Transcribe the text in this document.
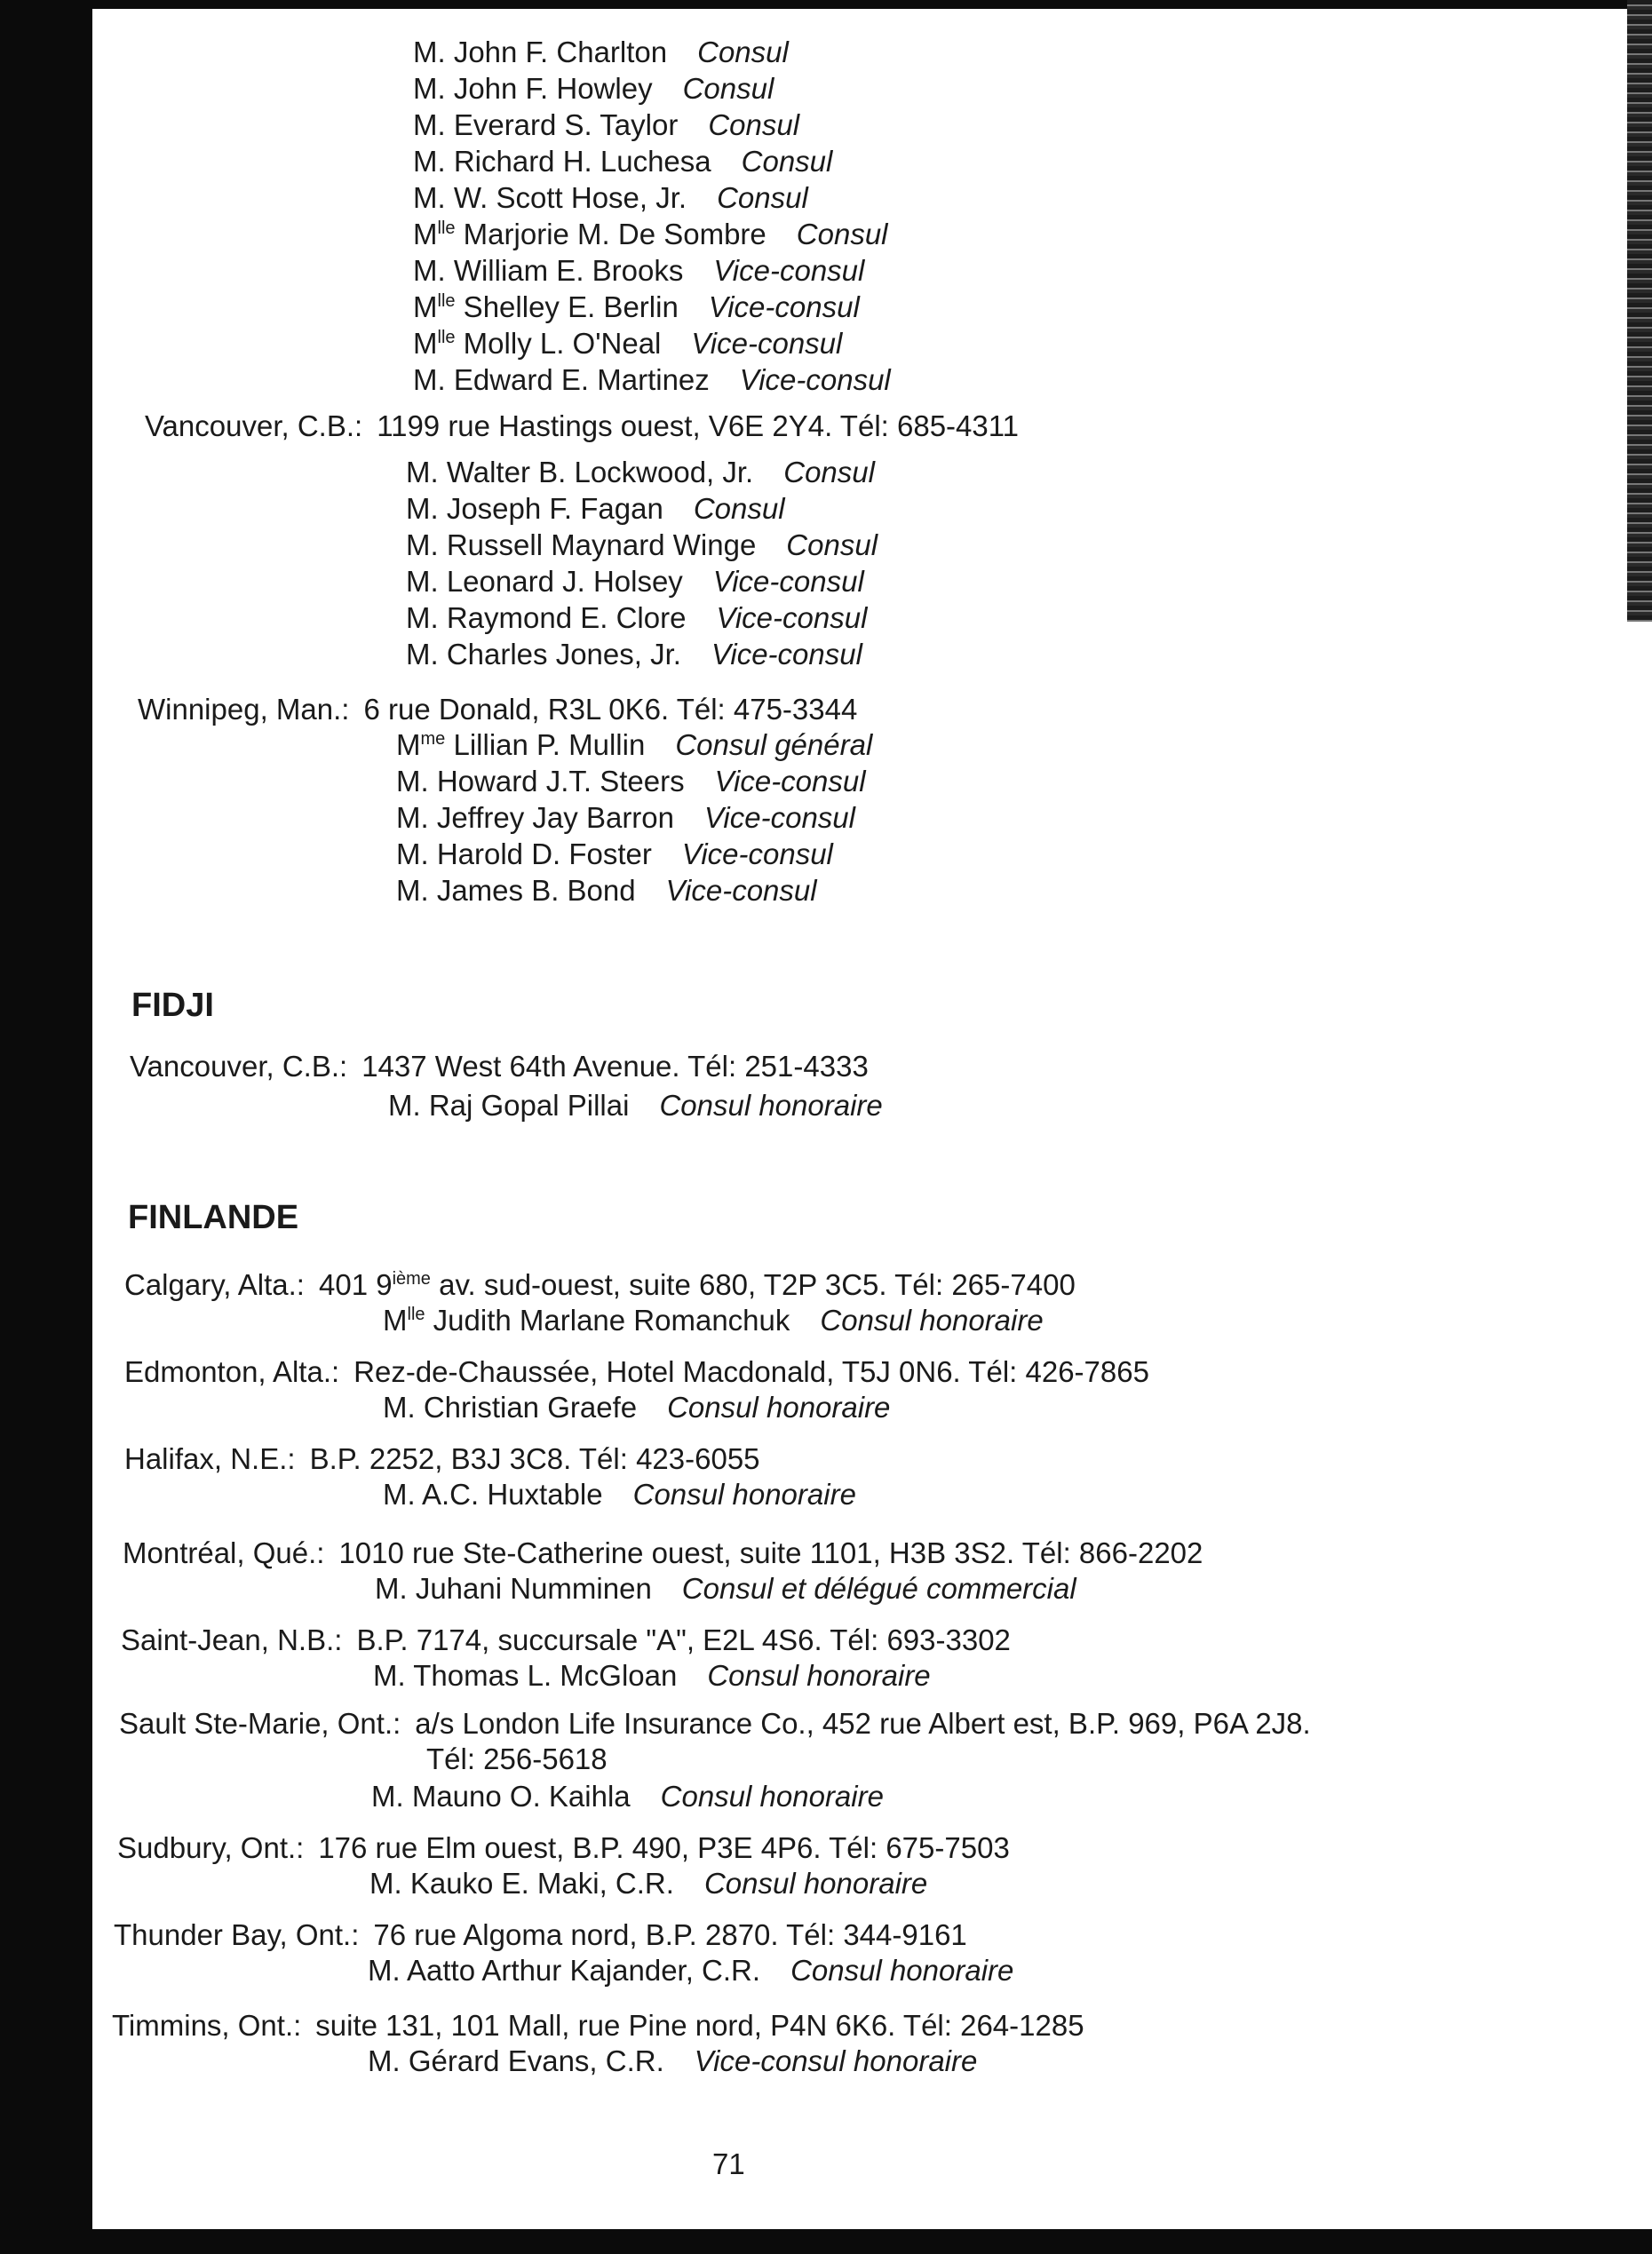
M. John F. Charlton Consul
M. John F. Howley Consul
M. Everard S. Taylor Consul
M. Richard H. Luchesa Consul
M. W. Scott Hose, Jr. Consul
$M^{lle}$ Marjorie M. De Sombre Consul
M. William E. Brooks Vice-consul
$M^{lle}$ Shelley E. Berlin Vice-consul
$M^{lle}$ Molly L. O'Neal Vice-consul
M. Edward E. Martinez Vice-consul
Vancouver, C.B.: 1199 rue Hastings ouest, V6E 2Y4. Tél: 685-4311
M. Walter B. Lockwood, Jr. Consul
M. Joseph F. Fagan Consul
M. Russell Maynard Winge Consul
M. Leonard J. Holsey Vice-consul
M. Raymond E. Clore Vice-consul
M. Charles Jones, Jr. Vice-consul
Winnipeg, Man.: 6 rue Donald, R3L 0K6. Tél: 475-3344
$M^{me}$ Lillian P. Mullin Consul général
M. Howard J.T. Steers Vice-consul
M. Jeffrey Jay Barron Vice-consul
M. Harold D. Foster Vice-consul
M. James B. Bond Vice-consul
FIDJI
Vancouver, C.B.: 1437 West 64th Avenue. Tél: 251-4333
M. Raj Gopal Pillai Consul honoraire
FINLANDE
Calgary, Alta.: 401 9ième av. sud-ouest, suite 680, T2P 3C5. Tél: 265-7400
$M^{lle}$ Judith Marlane Romanchuk Consul honoraire
Edmonton, Alta.: Rez-de-Chaussée, Hotel Macdonald, T5J 0N6. Tél: 426-7865
M. Christian Graefe Consul honoraire
Halifax, N.E.: B.P. 2252, B3J 3C8. Tél: 423-6055
M. A.C. Huxtable Consul honoraire
Montréal, Qué.: 1010 rue Ste-Catherine ouest, suite 1101, H3B 3S2. Tél: 866-2202
M. Juhani Numminen Consul et délégué commercial
Saint-Jean, N.B.: B.P. 7174, succursale "A", E2L 4S6. Tél: 693-3302
M. Thomas L. McGloan Consul honoraire
Sault Ste-Marie, Ont.: a/s London Life Insurance Co., 452 rue Albert est, B.P. 969, P6A 2J8.
Tél: 256-5618
M. Mauno O. Kaihla Consul honoraire
Sudbury, Ont.: 176 rue Elm ouest, B.P. 490, P3E 4P6. Tél: 675-7503
M. Kauko E. Maki, C.R. Consul honoraire
Thunder Bay, Ont.: 76 rue Algoma nord, B.P. 2870. Tél: 344-9161
M. Aatto Arthur Kajander, C.R. Consul honoraire
Timmins, Ont.: suite 131, 101 Mall, rue Pine nord, P4N 6K6. Tél: 264-1285
M. Gérard Evans, C.R. Vice-consul honoraire
71
